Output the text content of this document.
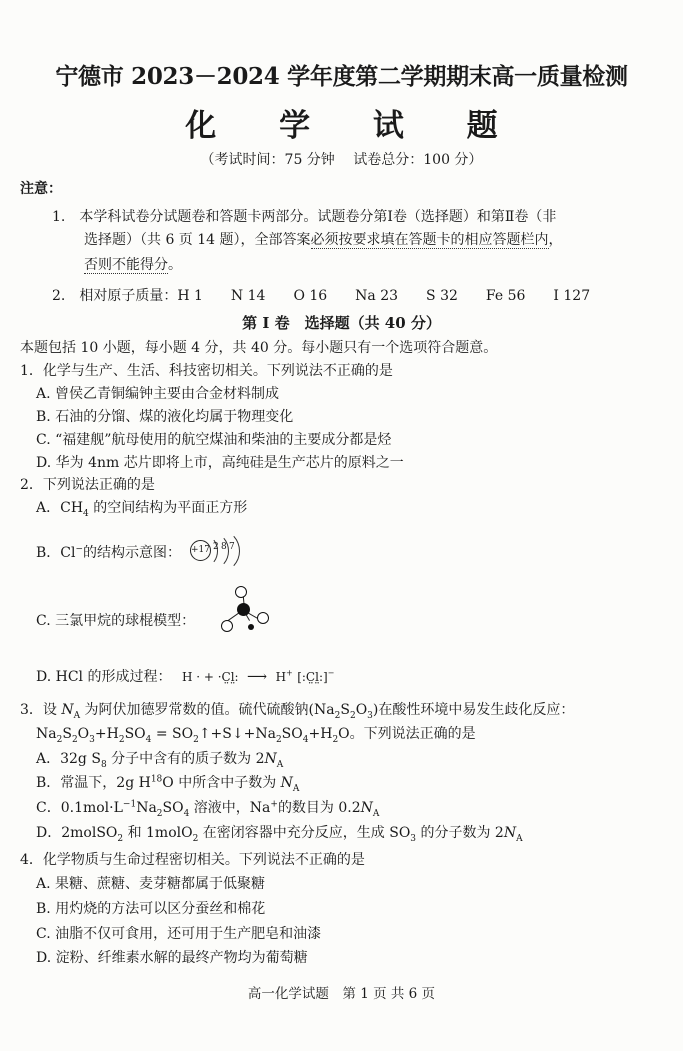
宁德市 2023－2024 学年度第二学期期末高一质量检测
化 学 试 题
（考试时间：75 分钟　 试卷总分：100 分）
注意：
1.　本学科试卷分试题卷和答题卡两部分。试题卷分第Ⅰ卷（选择题）和第Ⅱ卷（非
选择题）（共 6 页 14 题），全部答案必须按要求填在答题卡的相应答题栏内，
否则不能得分。
2.　相对原子质量：H 1　　N 14　　O 16　　Na 23　　S 32　　Fe 56　　I 127
第 I 卷　选择题（共 40 分）
本题包括 10 小题，每小题 4 分，共 40 分。每小题只有一个选项符合题意。
1．化学与生产、生活、科技密切相关。下列说法不正确的是
A. 曾侯乙青铜编钟主要由合金材料制成
B. 石油的分馏、煤的液化均属于物理变化
C. “福建舰”航母使用的航空煤油和柴油的主要成分都是烃
D. 华为 4nm 芯片即将上市，高纯硅是生产芯片的原料之一
2．下列说法正确的是
A．$CH_4$ 的空间结构为平面正方形
B．Cl−的结构示意图： +17 2 8 7
C. 三氯甲烷的球棍模型：
D. HCl 的形成过程： H · + ·C̤l̤: ⟶ H+ [:C̤l̤:]−
3．设 $N_A$ 为阿伏加德罗常数的值。硫代硫酸钠$(Na_2S_2O_3)$在酸性环境中易发生歧化反应：
$Na_2S_2O_3+H_2SO_4$ = $SO_2↑+S↓+Na_2SO_4+H_2O$。下列说法正确的是
A．32g $S_8$ 分子中含有的质子数为 $2N_A$
B．常温下，2g $H^{18}O$ 中所含中子数为 $N_A$
C．$0.1mol\cdot L^{-1}Na_2SO_4$ 溶液中，Na+的数目为 $0.2N_A$
D．2molSO$_2$ 和 1molO$_2$ 在密闭容器中充分反应，生成 $SO_3$ 的分子数为 $2N_A$
4．化学物质与生命过程密切相关。下列说法不正确的是
A. 果糖、蔗糖、麦芽糖都属于低聚糖
B. 用灼烧的方法可以区分蚕丝和棉花
C. 油脂不仅可食用，还可用于生产肥皂和油漆
D. 淀粉、纤维素水解的最终产物均为葡萄糖
高一化学试题　第 1 页 共 6 页
